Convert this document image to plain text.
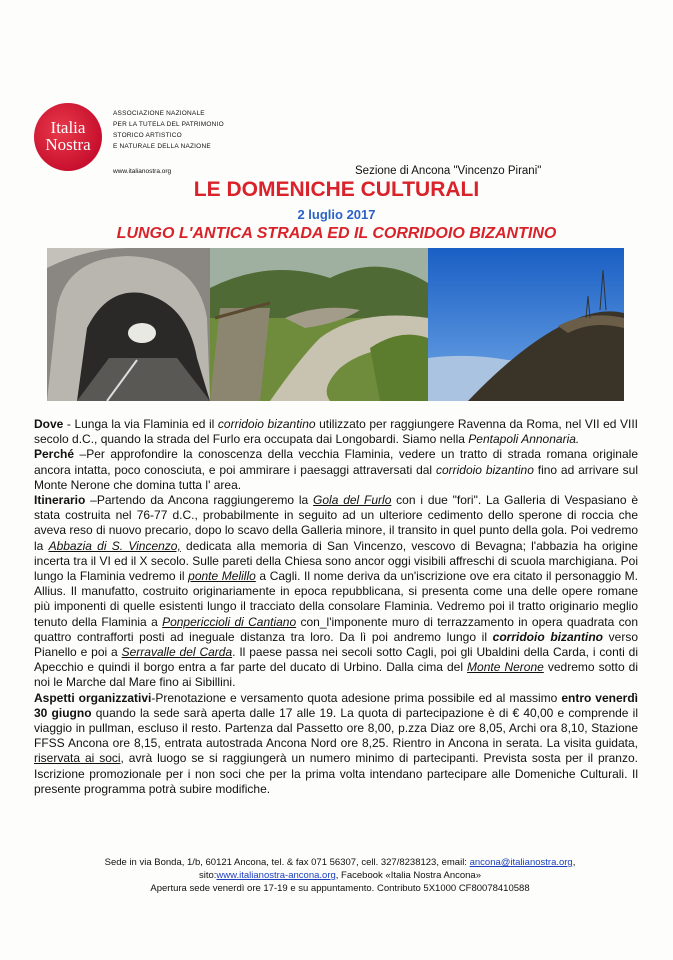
Italia
Nostra
ASSOCIAZIONE NAZIONALE
PER LA TUTELA DEL PATRIMONIO
STORICO ARTISTICO
E NATURALE DELLA NAZIONE
www.italianostra.org	Sezione di Ancona "Vincenzo Pirani"
LE DOMENICHE CULTURALI
2 luglio 2017
LUNGO L'ANTICA STRADA ED IL CORRIDOIO BIZANTINO

Dove - Lunga la via Flaminia ed il corridoio bizantino utilizzato per raggiungere Ravenna da Roma, nel VII ed VIII secolo d.C., quando la strada del Furlo era occupata dai Longobardi. Siamo nella Pentapoli Annonaria.

Perché –Per approfondire la conoscenza della vecchia Flaminia, vedere un tratto di strada romana originale ancora intatta, poco conosciuta, e poi ammirare i paesaggi attraversati dal corridoio bizantino fino ad arrivare sul Monte Nerone che domina tutta l' area.

Itinerario –Partendo da Ancona raggiungeremo la Gola del Furlo con i due "fori". La Galleria di Vespasiano è stata costruita nel 76-77 d.C., probabilmente in seguito ad un ulteriore cedimento dello sperone di roccia che aveva reso di nuovo precario, dopo lo scavo della Galleria minore, il transito in quel punto della gola. Poi vedremo la Abbazia di S. Vincenzo, dedicata alla memoria di San Vincenzo, vescovo di Bevagna; l'abbazia ha origine incerta tra il VI ed il X secolo. Sulle pareti della Chiesa sono ancor oggi visibili affreschi di scuola marchigiana. Poi lungo la Flaminia vedremo il ponte Melillo a Cagli. Il nome deriva da un'iscrizione ove era citato il personaggio M. Allius. Il manufatto, costruito originariamente in epoca repubblicana, si presenta come una delle opere romane più imponenti di quelle esistenti lungo il tracciato della consolare Flaminia. Vedremo poi il tratto originario meglio tenuto della Flaminia a Ponpericcioli di Cantiano con_l'imponente muro di terrazzamento in opera quadrata con quattro contrafforti posti ad ineguale distanza tra loro. Da lì poi andremo lungo il corridoio bizantino verso Pianello e poi a Serravalle del Carda. Il paese passa nei secoli sotto Cagli, poi gli Ubaldini della Carda, i conti di Apecchio e quindi il borgo entra a far parte del ducato di Urbino. Dalla cima del Monte Nerone vedremo sotto di noi le Marche dal Mare fino ai Sibillini.

Aspetti organizzativi-Prenotazione e versamento quota adesione prima possibile ed al massimo entro venerdì 30 giugno quando la sede sarà aperta dalle 17 alle 19. La quota di partecipazione è di € 40,00 e comprende il viaggio in pullman, escluso il resto. Partenza dal Passetto ore 8,00, p.zza Diaz ore 8,05, Archi ora 8,10, Stazione FFSS Ancona ore 8,15, entrata autostrada Ancona Nord ore 8,25. Rientro in Ancona in serata. La visita guidata, riservata ai soci, avrà luogo se si raggiungerà un numero minimo di partecipanti. Prevista sosta per il pranzo. Iscrizione promozionale per i non soci che per la prima volta intendano partecipare alle Domeniche Culturali. Il presente programma potrà subire modifiche.

Sede in via Bonda, 1/b, 60121 Ancona, tel. & fax 071 56307, cell. 327/8238123, email: ancona@italianostra.org,
sito:www.italianostra-ancona.org, Facebook «Italia Nostra Ancona»
Apertura sede venerdì ore 17-19 e su appuntamento. Contributo 5X1000 CF80078410588
